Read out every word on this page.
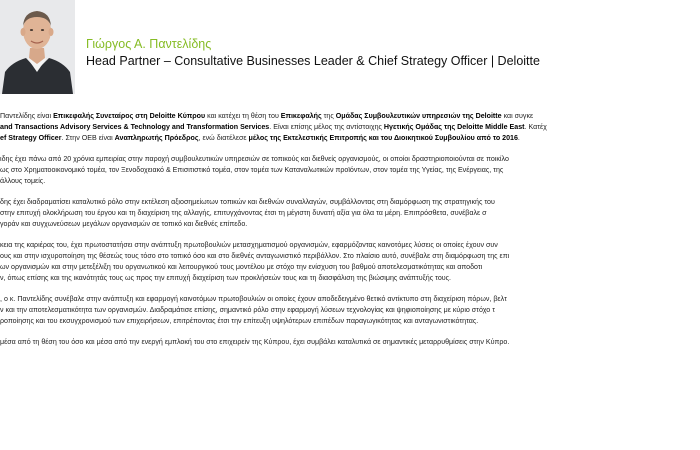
Γιώργος Α. Παντελίδης
Head Partner – Consultative Businesses Leader & Chief Strategy Officer | Deloitte
Παντελίδης είναι Επικεφαλής Συνεταίρος στη Deloitte Κύπρου και κατέχει τη θέση του Επικεφαλής της Ομάδας Συμβουλευτικών υπηρεσιών της Deloitte και συγκε
and Transactions Advisory Services & Technology and Transformation Services. Είναι επίσης μέλος της αντίστοιχης Ηγετικής Ομάδας της Deloitte Middle East. Κατέχ
ef Strategy Officer. Στην ΟΕΒ είναι Αναπληρωτής Πρόεδρος, ενώ διατέλεσε μέλος της Εκτελεστικής Επιτροπής και του Διοικητικού Συμβουλίου από το 2016.
ιδης έχει πάνω από 20 χρόνια εμπειρίας στην παροχή συμβουλευτικών υπηρεσιών σε τοπικούς και διεθνείς οργανισμούς, οι οποίοι δραστηριοποιούνται σε ποικίλο
ως στο Χρηματοοικονομικό τομέα, τον Ξενοδοχειακό & Επισιτιστικό τομέα, στον τομέα των Καταναλωτικών προϊόντων, στον τομέα της Υγείας, της Ενέργειας, της
άλλους τομείς.
δης έχει διαδραματίσει καταλυτικό ρόλο στην εκτέλεση αξιοσημείωτων τοπικών και διεθνών συναλλαγών, συμβάλλοντας στη διαμόρφωση της στρατηγικής του
στην επιτυχή ολοκλήρωση του έργου και τη διαχείριση της αλλαγής, επιτυγχάνοντας έτσι τη μέγιστη δυνατή αξία για όλα τα μέρη. Επιπρόσθετα, συνέβαλε σ
γοράν και συγχωνεύσεων μεγάλων οργανισμών σε τοπικό και διεθνές επίπεδο.
κεια της καριέρας του, έχει πρωτοστατήσει στην ανάπτυξη πρωτοβουλιών μετασχηματισμού οργανισμών, εφαρμόζοντας καινοτόμες λύσεις οι οποίες έχουν συν
ους και στην ισχυροποίηση της θέσεώς τους τόσο στο τοπικό όσο και στο διεθνές ανταγωνιστικό περιβάλλον. Στο πλαίσιο αυτό, συνέβαλε στη διαμόρφωση της επι
ων οργανισμών και στην μετεξέλιξη του οργανωτικού και λειτουργικού τους μοντέλου με στόχο την ενίσχυση του βαθμού αποτελεσματικότητας και αποδοτι
ν, όπως επίσης και της ικανότητάς τους ως προς την επιτυχή διαχείριση των προκλήσεών τους και τη διασφάλιση της βιώσιμης ανάπτυξής τους.
, ο κ. Παντελίδης συνέβαλε στην ανάπτυξη και εφαρμογή καινοτόμων πρωτοβουλιών οι οποίες έχουν αποδεδειγμένο θετικό αντίκτυπο στη διαχείριση πόρων, βελτ
ν και την αποτελεσματικότητα των οργανισμών. Διαδραμάτισε επίσης, σημαντικό ρόλο στην εφαρμογή λύσεων τεχνολογίας και ψηφιοποίησης με κύριο στόχο τ
ροποίησης και του εκσυγχρονισμού των επιχειρήσεων, επιτρέποντας έτσι την επίτευξη υψηλότερων επιπέδων παραγωγικότητας και ανταγωνιστικότητας.
μέσα από τη θέση του όσο και μέσα από την ενεργή εμπλοκή του στο επιχειρείν της Κύπρου, έχει συμβάλει καταλυτικά σε σημαντικές μεταρρυθμίσεις στην Κύπρο.
